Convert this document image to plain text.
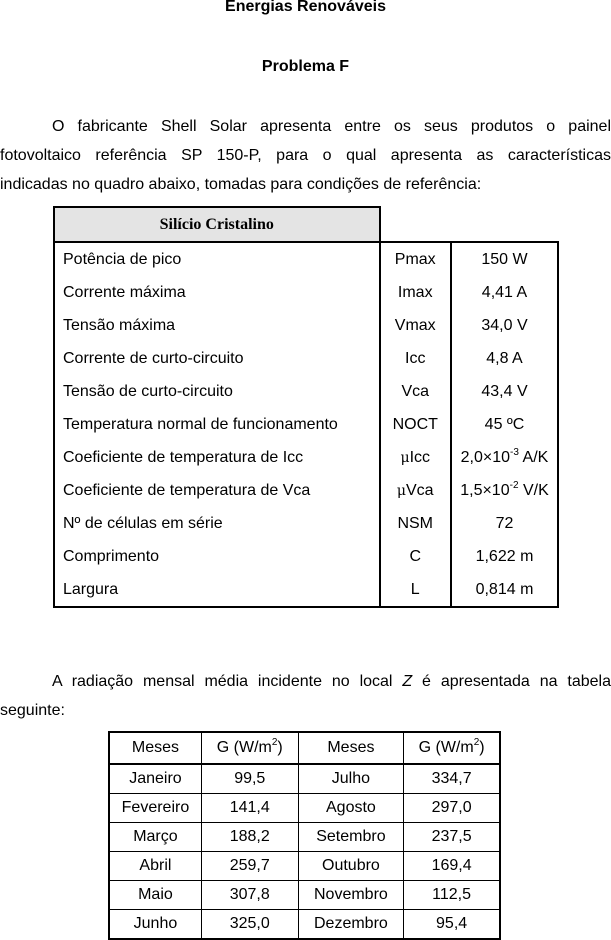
Energias Renováveis
Problema F
O fabricante Shell Solar apresenta entre os seus produtos o painel
fotovoltaico referência SP 150-P, para o qual apresenta as características
indicadas no quadro abaixo, tomadas para condições de referência:
Silício Cristalino		
Potência de pico	Pmax	150 W
Corrente máxima	Imax	4,41 A
Tensão máxima	Vmax	34,0 V
Corrente de curto-circuito	Icc	4,8 A
Tensão de curto-circuito	Vca	43,4 V
Temperatura normal de funcionamento	NOCT	45 ºC
Coeficiente de temperatura de Icc	μIcc	$2,0\times 10^{-3}$ A/K
Coeficiente de temperatura de Vca	μVca	$1,5\times 10^{-2}$ V/K
Nº de células em série	NSM	72
Comprimento	C	1,622 m
Largura	L	0,814 m
A radiação mensal média incidente no local Z é apresentada na tabela
seguinte:
Meses	G $(W/m^2)$	Meses	G $(W/m^2)$
Janeiro	99,5	Julho	334,7
Fevereiro	141,4	Agosto	297,0
Março	188,2	Setembro	237,5
Abril	259,7	Outubro	169,4
Maio	307,8	Novembro	112,5
Junho	325,0	Dezembro	95,4
